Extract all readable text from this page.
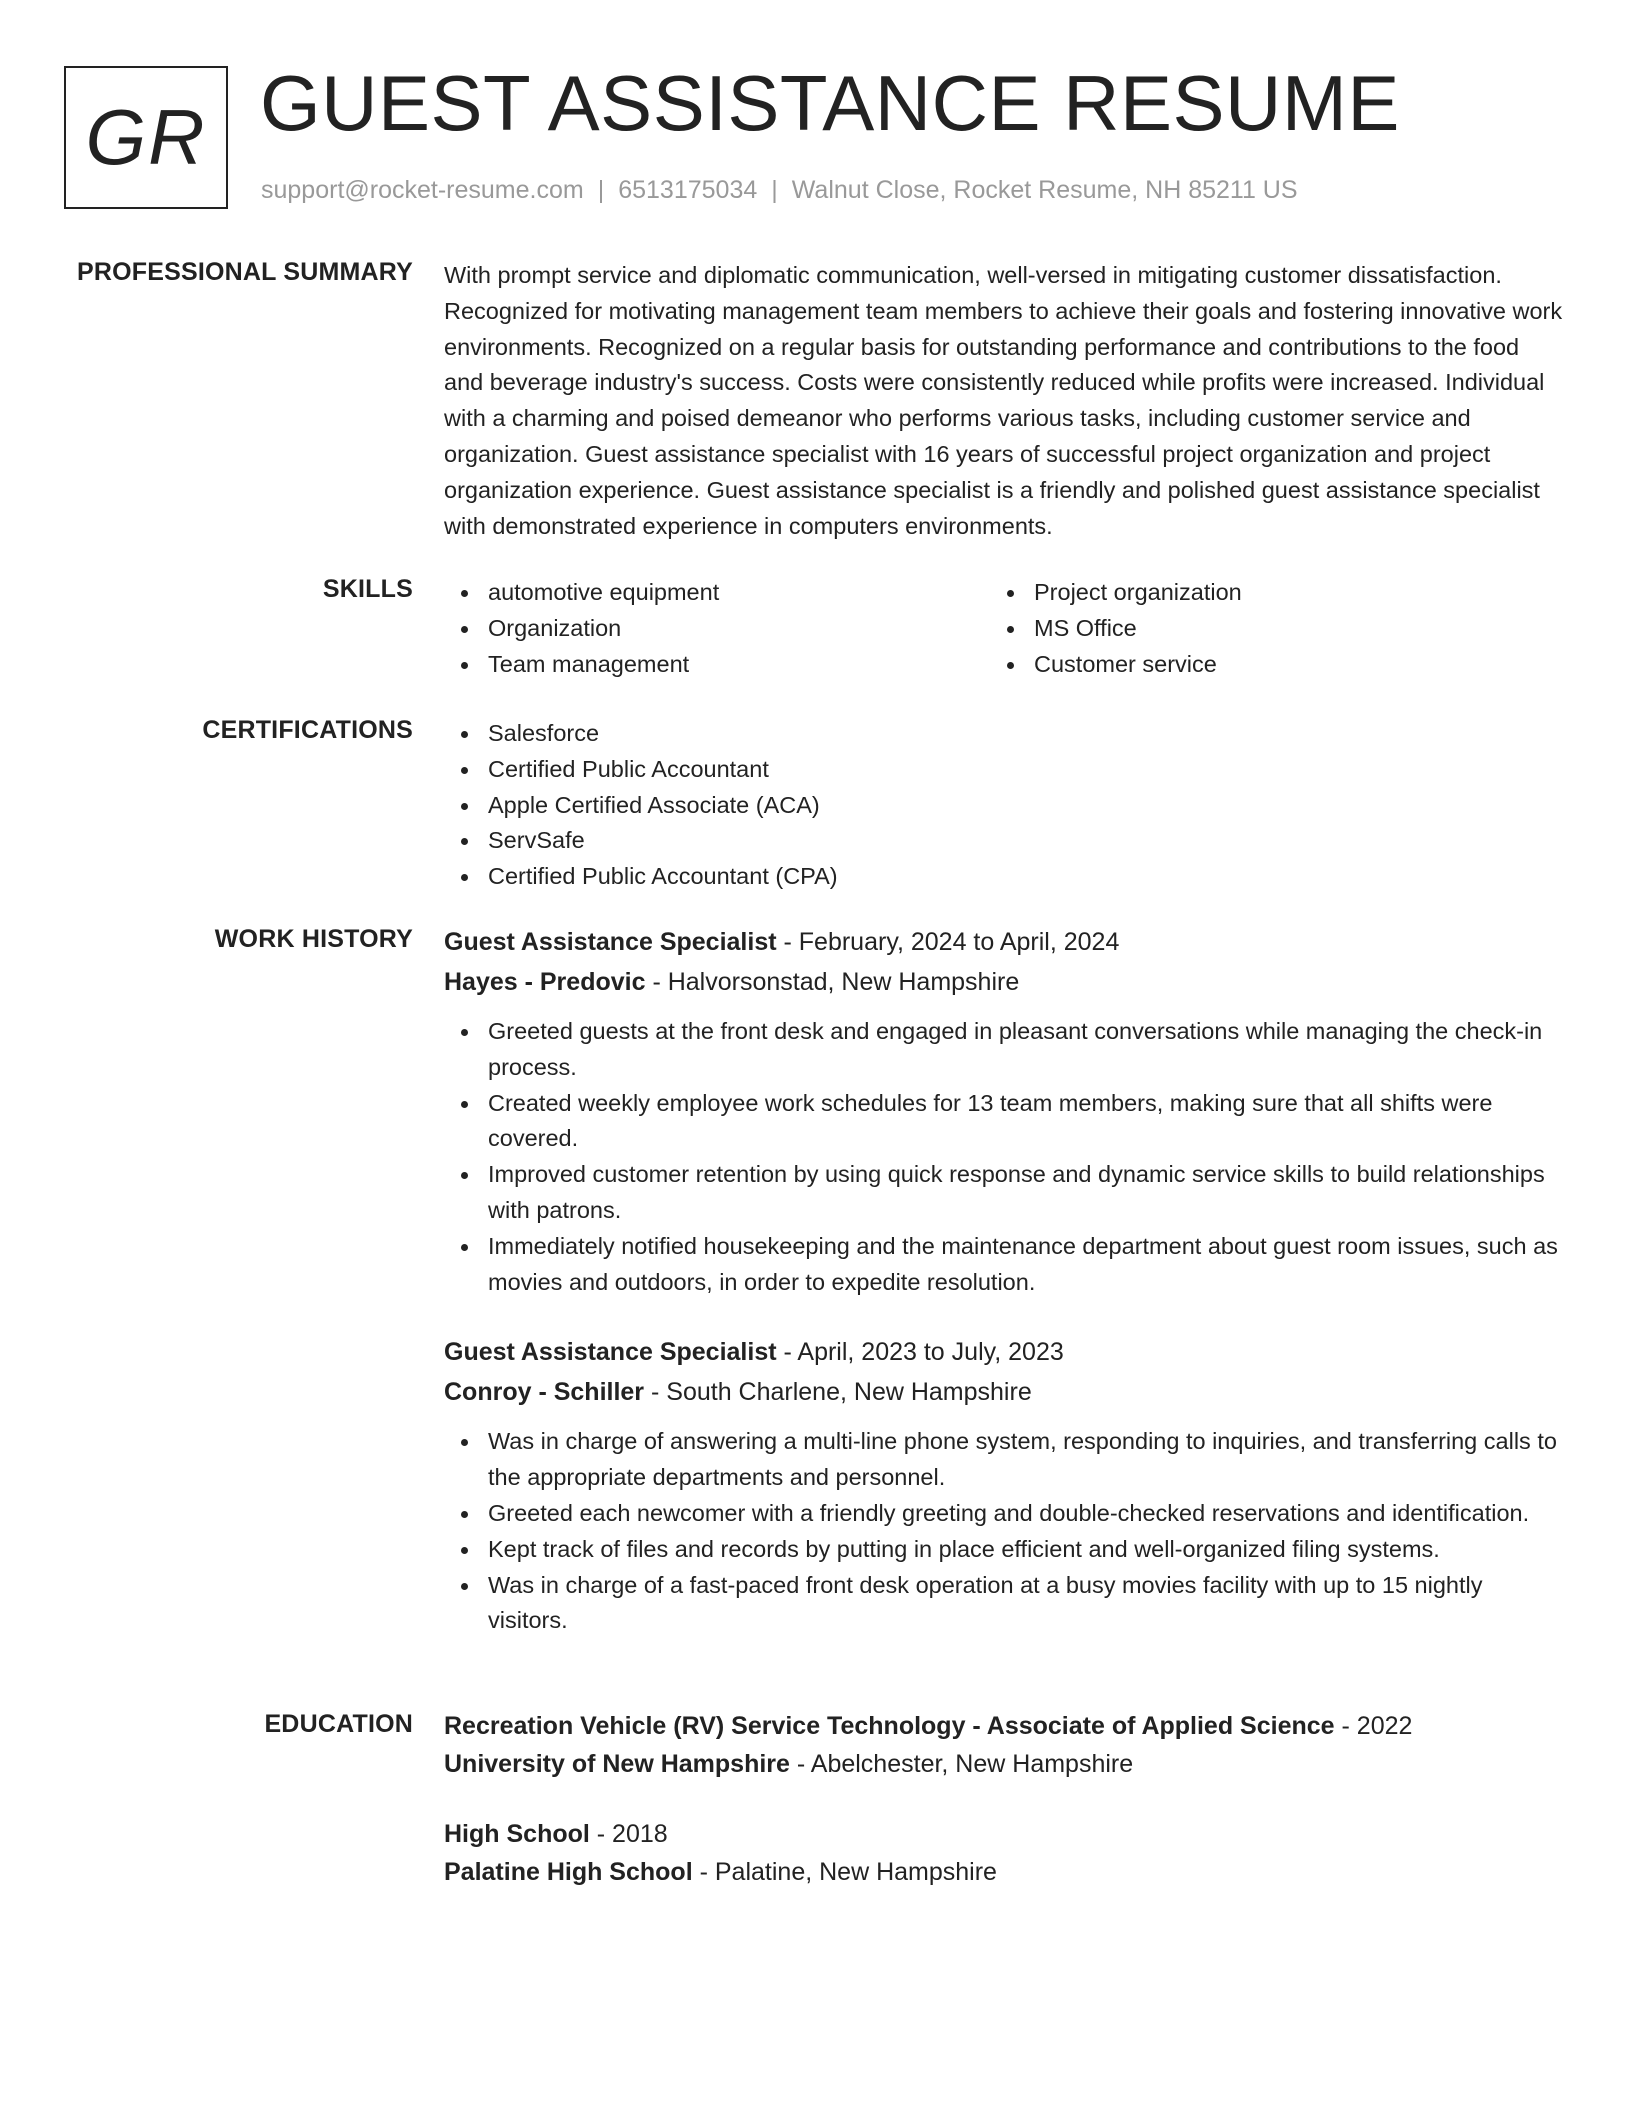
GR GUEST ASSISTANCE RESUME
support@rocket-resume.com | 6513175034 | Walnut Close, Rocket Resume, NH 85211 US
PROFESSIONAL SUMMARY With prompt service and diplomatic communication, well-versed in mitigating customer dissatisfaction. Recognized for motivating management team members to achieve their goals and fostering innovative work environments. Recognized on a regular basis for outstanding performance and contributions to the food and beverage industry's success. Costs were consistently reduced while profits were increased. Individual with a charming and poised demeanor who performs various tasks, including customer service and organization. Guest assistance specialist with 16 years of successful project organization and project organization experience. Guest assistance specialist is a friendly and polished guest assistance specialist with demonstrated experience in computers environments.

SKILLS	automotive equipment
Organization
Team management
Project organization
MS Office
Customer service
CERTIFICATIONS	Salesforce
Certified Public Accountant
Apple Certified Associate (ACA)
ServSafe
Certified Public Accountant (CPA)
WORK HISTORY Guest Assistance Specialist - February, 2024 to April, 2024
Hayes - Predovic - Halvorsonstad, New Hampshire
Greeted guests at the front desk and engaged in pleasant conversations while managing the check-in process.
Created weekly employee work schedules for 13 team members, making sure that all shifts were covered.
Improved customer retention by using quick response and dynamic service skills to build relationships with patrons.
Immediately notified housekeeping and the maintenance department about guest room issues, such as movies and outdoors, in order to expedite resolution.
Guest Assistance Specialist - April, 2023 to July, 2023
Conroy - Schiller - South Charlene, New Hampshire
Was in charge of answering a multi-line phone system, responding to inquiries, and transferring calls to the appropriate departments and personnel.
Greeted each newcomer with a friendly greeting and double-checked reservations and identification.
Kept track of files and records by putting in place efficient and well-organized filing systems.
Was in charge of a fast-paced front desk operation at a busy movies facility with up to 15 nightly visitors.
EDUCATION Recreation Vehicle (RV) Service Technology - Associate of Applied Science - 2022
University of New Hampshire - Abelchester, New Hampshire
High School - 2018
Palatine High School - Palatine, New Hampshire
